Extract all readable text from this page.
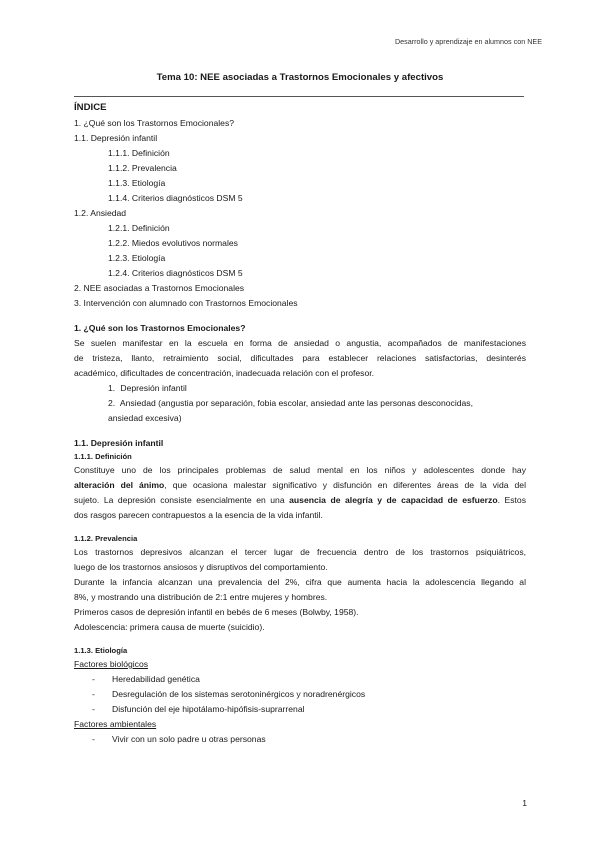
Desarrollo y aprendizaje en alumnos con NEE
Tema 10: NEE asociadas a Trastornos Emocionales y afectivos
ÍNDICE
1. ¿Qué son los Trastornos Emocionales?
1.1. Depresión infantil
1.1.1. Definición
1.1.2. Prevalencia
1.1.3. Etiología
1.1.4. Criterios diagnósticos DSM 5
1.2. Ansiedad
1.2.1. Definición
1.2.2. Miedos evolutivos normales
1.2.3. Etiología
1.2.4. Criterios diagnósticos DSM 5
2. NEE asociadas a Trastornos Emocionales
3. Intervención con alumnado con Trastornos Emocionales
1. ¿Qué son los Trastornos Emocionales?
Se suelen manifestar en la escuela en forma de ansiedad o angustia, acompañados de manifestaciones
de tristeza, llanto, retraimiento social, dificultades para establecer relaciones satisfactorias, desinterés
académico, dificultades de concentración, inadecuada relación con el profesor.
1. Depresión infantil
2. Ansiedad (angustia por separación, fobia escolar, ansiedad ante las personas desconocidas,
ansiedad excesiva)
1.1. Depresión infantil
1.1.1. Definición
Constituye uno de los principales problemas de salud mental en los niños y adolescentes donde hay
alteración del ánimo, que ocasiona malestar significativo y disfunción en diferentes áreas de la vida del
sujeto. La depresión consiste esencialmente en una ausencia de alegría y de capacidad de esfuerzo. Estos
dos rasgos parecen contrapuestos a la esencia de la vida infantil.
1.1.2. Prevalencia
Los trastornos depresivos alcanzan el tercer lugar de frecuencia dentro de los trastornos psiquiátricos,
luego de los trastornos ansiosos y disruptivos del comportamiento.
Durante la infancia alcanzan una prevalencia del 2%, cifra que aumenta hacia la adolescencia llegando al
8%, y mostrando una distribución de 2:1 entre mujeres y hombres.
Primeros casos de depresión infantil en bebés de 6 meses (Bolwby, 1958).
Adolescencia: primera causa de muerte (suicidio).
1.1.3. Etiología
Factores biológicos
- Heredabilidad genética
- Desregulación de los sistemas serotoninérgicos y noradrenérgicos
- Disfunción del eje hipotálamo-hipófisis-suprarrenal
Factores ambientales
- Vivir con un solo padre u otras personas
1
